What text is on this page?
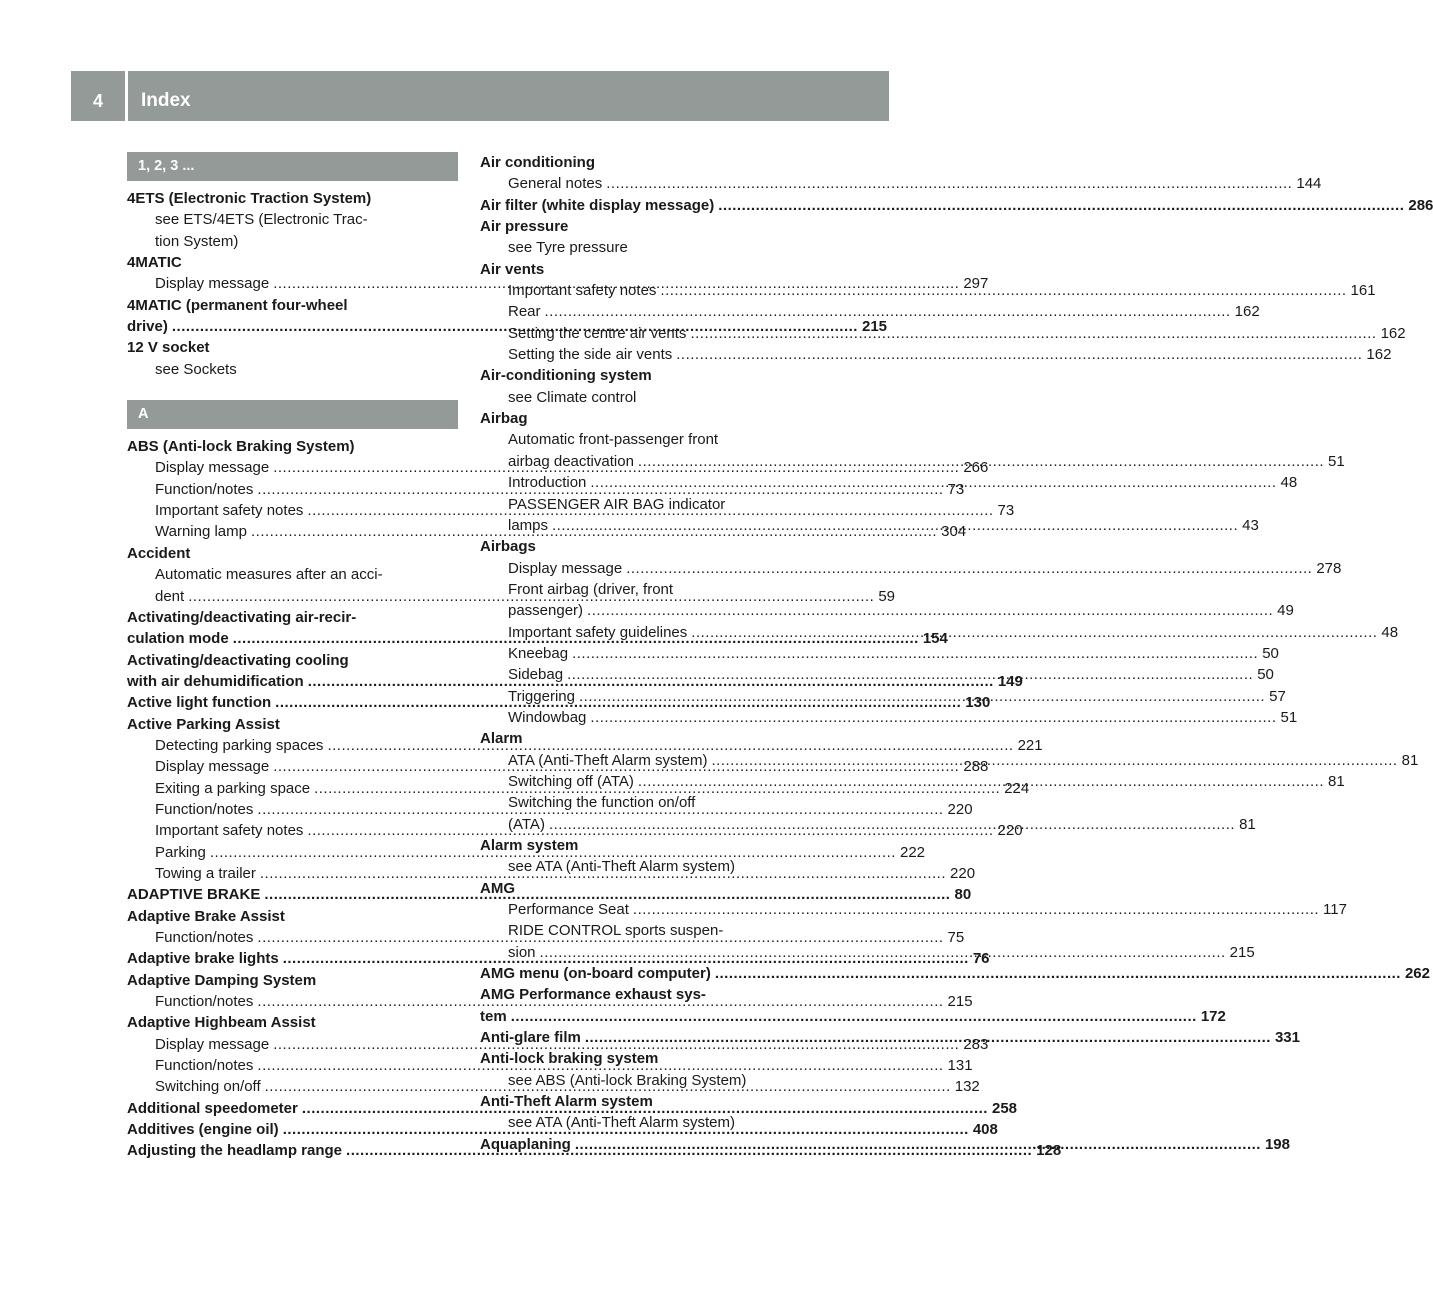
4	Index
1, 2, 3 ...
4ETS (Electronic Traction System)
see ETS/4ETS (Electronic Trac-
tion System)
4MATIC
Display message .....	297
4MATIC (permanent four-wheel
drive) .....	215
12 V socket
see Sockets
A
ABS (Anti-lock Braking System)
Display message .....	266
Function/notes .....	73
Important safety notes .....	73
Warning lamp .....	304
Accident
Automatic measures after an acci-
dent .....	59
Activating/deactivating air-recir-
culation mode .....	154
Activating/deactivating cooling
with air dehumidification .....	149
Active light function .....	130
Active Parking Assist
Detecting parking spaces .....	221
Display message .....	288
Exiting a parking space .....	224
Function/notes .....	220
Important safety notes .....	220
Parking .....	222
Towing a trailer .....	220
ADAPTIVE BRAKE .....	80
Adaptive Brake Assist
Function/notes .....	75
Adaptive brake lights .....	76
Adaptive Damping System
Function/notes .....	215
Adaptive Highbeam Assist
Display message .....	283
Function/notes .....	131
Switching on/off .....	132
Additional speedometer .....	258
Additives (engine oil) .....	408
Adjusting the headlamp range .....	128
Air conditioning
General notes .....	144
Air filter (white display message) .....	286
Air pressure
see Tyre pressure
Air vents
Important safety notes .....	161
Rear .....	162
Setting the centre air vents .....	162
Setting the side air vents .....	162
Air-conditioning system
see Climate control
Airbag
Automatic front-passenger front
airbag deactivation .....	51
Introduction .....	48
PASSENGER AIR BAG indicator
lamps .....	43
Airbags
Display message .....	278
Front airbag (driver, front
passenger) .....	49
Important safety guidelines .....	48
Kneebag .....	50
Sidebag .....	50
Triggering .....	57
Windowbag .....	51
Alarm
ATA (Anti-Theft Alarm system) .....	81
Switching off (ATA) .....	81
Switching the function on/off
(ATA) .....	81
Alarm system
see ATA (Anti-Theft Alarm system)
AMG
Performance Seat .....	117
RIDE CONTROL sports suspen-
sion .....	215
AMG menu (on-board computer) .....	262
AMG Performance exhaust sys-
tem .....	172
Anti-glare film .....	331
Anti-lock braking system
see ABS (Anti-lock Braking System)
Anti-Theft Alarm system
see ATA (Anti-Theft Alarm system)
Aquaplaning .....	198
